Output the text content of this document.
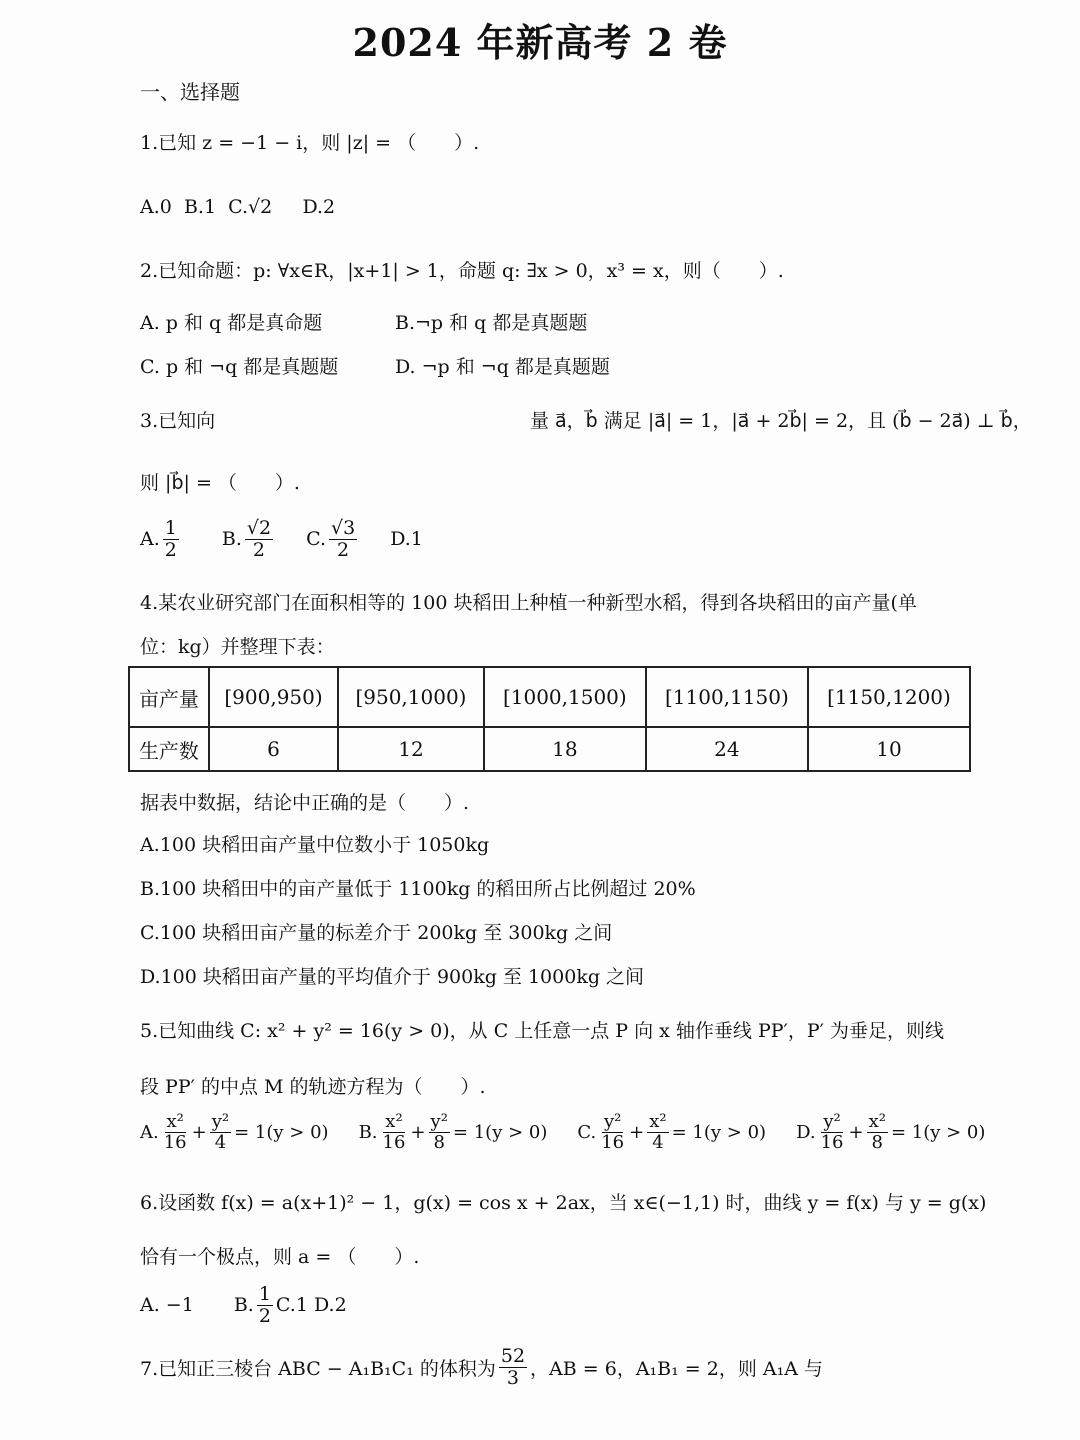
2024 年新高考 2 卷
一、选择题
1.已知 z = −1 − i，则 |z| = （　　）.
A.0 B.1 C.√2 D.2
2.已知命题：p: ∀x∈R，|x+1| > 1，命题 q: ∃x > 0，x³ = x，则（　　）.
A. p 和 q 都是真命题	B.¬p 和 q 都是真题题
C. p 和 ¬q 都是真题题	D. ¬p 和 ¬q 都是真题题
3.已知向	量 a⃗，b⃗ 满足 |a⃗| = 1，|a⃗ + 2b⃗| = 2，且 (b⃗ − 2a⃗) ⊥ b⃗，
则 |b⃗| = （　　）.
A. $\frac{1}{2} B$. $\frac{√2}{2} C$. $\frac{√3}{2} D.1$
4.某农业研究部门在面积相等的 100 块稻田上种植一种新型水稻，得到各块稻田的亩产量(单
位：kg）并整理下表：
亩产量	[900,950)	[950,1000)	[1000,1500)	[1100,1150)	[1150,1200)
生产数	6	12	18	24	10
据表中数据，结论中正确的是（　　）.
A.100 块稻田亩产量中位数小于 1050kg
B.100 块稻田中的亩产量低于 1100kg 的稻田所占比例超过 20%
C.100 块稻田亩产量的标差介于 200kg 至 300kg 之间
D.100 块稻田亩产量的平均值介于 900kg 至 1000kg 之间
5.已知曲线 C: x² + y² = 16(y > 0)，从 C 上任意一点 P 向 x 轴作垂线 PP′，P′ 为垂足，则线
段 PP′ 的中点 M 的轨迹方程为（　　）.
A. $\frac{\text{x²}}{16} + \frac{\text{y²}}{4} = 1(y > 0)$ B. $\frac{\text{x²}}{16} + \frac{\text{y²}}{8} = 1(y > 0)$ C. $\frac{\text{y²}}{16} + \frac{\text{x²}}{4} = 1(y > 0)$ D. $\frac{\text{y²}}{16} + \frac{\text{x²}}{8} = 1(y > 0)$
6.设函数 f(x) = a(x+1)² − 1，g(x) = cos x + 2ax，当 x∈(−1,1) 时，曲线 y = f(x) 与 y = g(x)
恰有一个极点，则 a = （　　）.
A. −1 B. $\frac{1}{2} C.1$
D.2
7.已知正三棱台 ABC − A₁B₁C₁ 的体积为 $\frac{52}{3}$ ，AB = 6，A₁B₁ = 2，则 A₁A 与
